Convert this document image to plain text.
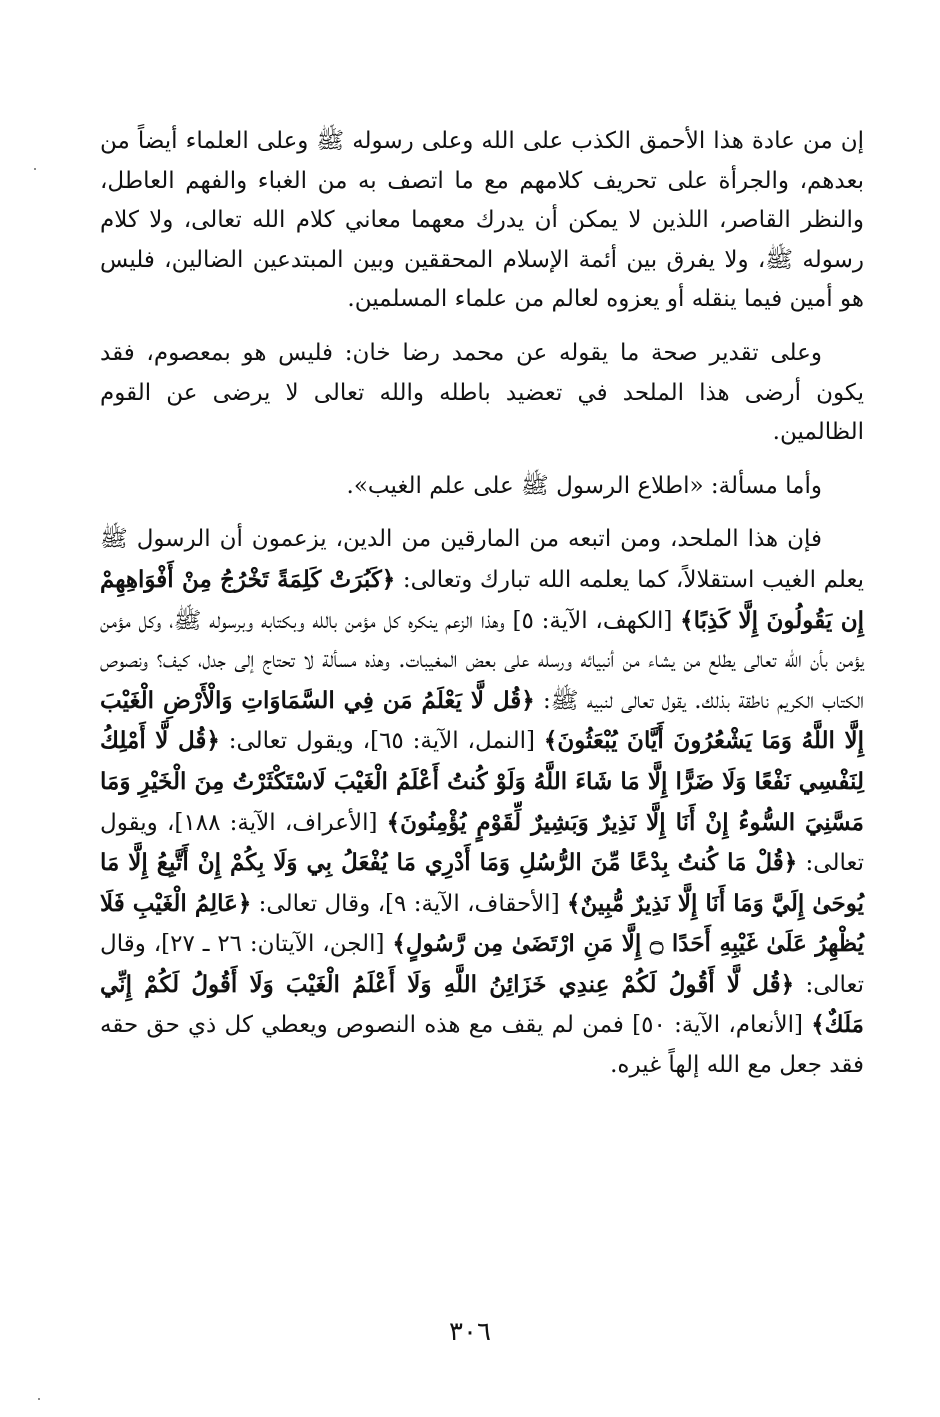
إن من عادة هذا الأحمق الكذب على الله وعلى رسوله ﷺ وعلى العلماء أيضاً من بعدهم، والجرأة على تحريف كلامهم مع ما اتصف به من الغباء والفهم العاطل، والنظر القاصر، اللذين لا يمكن أن يدرك معهما معاني كلام الله تعالى، ولا كلام رسوله ﷺ، ولا يفرق بين أئمة الإسلام المحققين وبين المبتدعين الضالين، فليس هو أمين فيما ينقله أو يعزوه لعالم من علماء المسلمين.

وعلى تقدير صحة ما يقوله عن محمد رضا خان: فليس هو بمعصوم، فقد يكون أرضى هذا الملحد في تعضيد باطله والله تعالى لا يرضى عن القوم الظالمين.

وأما مسألة: «اطلاع الرسول ﷺ على علم الغيب».

فإن هذا الملحد، ومن اتبعه من المارقين من الدين، يزعمون أن الرسول ﷺ يعلم الغيب استقلالاً، كما يعلمه الله تبارك وتعالى: ﴿كَبُرَتْ كَلِمَةً تَخْرُجُ مِنْ أَفْوَاهِهِمْ إِن يَقُولُونَ إِلَّا كَذِبًا﴾ [الكهف، الآية: ٥] وهذا الزعم ينكره كل مؤمن بالله وبكتابه وبرسوله ﷺ، وكل مؤمن يؤمن بأن الله تعالى يطلع من يشاء من أنبيائه ورسله على بعض المغيبات. وهذه مسألة لا تحتاج إلى جدل، كيف؟ ونصوص الكتاب الكريم ناطقة بذلك. يقول تعالى لنبيه ﷺ: ﴿قُل لَّا يَعْلَمُ مَن فِي السَّمَاوَاتِ وَالْأَرْضِ الْغَيْبَ إِلَّا اللَّهُ وَمَا يَشْعُرُونَ أَيَّانَ يُبْعَثُونَ﴾ [النمل، الآية: ٦٥]، ويقول تعالى: ﴿قُل لَّا أَمْلِكُ لِنَفْسِي نَفْعًا وَلَا ضَرًّا إِلَّا مَا شَاءَ اللَّهُ وَلَوْ كُنتُ أَعْلَمُ الْغَيْبَ لَاسْتَكْثَرْتُ مِنَ الْخَيْرِ وَمَا مَسَّنِيَ السُّوءُ إِنْ أَنَا إِلَّا نَذِيرٌ وَبَشِيرٌ لِّقَوْمٍ يُؤْمِنُونَ﴾ [الأعراف، الآية: ١٨٨]، ويقول تعالى: ﴿قُلْ مَا كُنتُ بِدْعًا مِّنَ الرُّسُلِ وَمَا أَدْرِي مَا يُفْعَلُ بِي وَلَا بِكُمْ إِنْ أَتَّبِعُ إِلَّا مَا يُوحَىٰ إِلَيَّ وَمَا أَنَا إِلَّا نَذِيرٌ مُّبِينٌ﴾ [الأحقاف، الآية: ٩]، وقال تعالى: ﴿عَالِمُ الْغَيْبِ فَلَا يُظْهِرُ عَلَىٰ غَيْبِهِ أَحَدًا ۝ إِلَّا مَنِ ارْتَضَىٰ مِن رَّسُولٍ﴾ [الجن، الآيتان: ٢٦ ـ ٢٧]، وقال تعالى: ﴿قُل لَّا أَقُولُ لَكُمْ عِندِي خَزَائِنُ اللَّهِ وَلَا أَعْلَمُ الْغَيْبَ وَلَا أَقُولُ لَكُمْ إِنِّي مَلَكٌ﴾ [الأنعام، الآية: ٥٠] فمن لم يقف مع هذه النصوص ويعطي كل ذي حق حقه فقد جعل مع الله إلهاً غيره.

٣٠٦
